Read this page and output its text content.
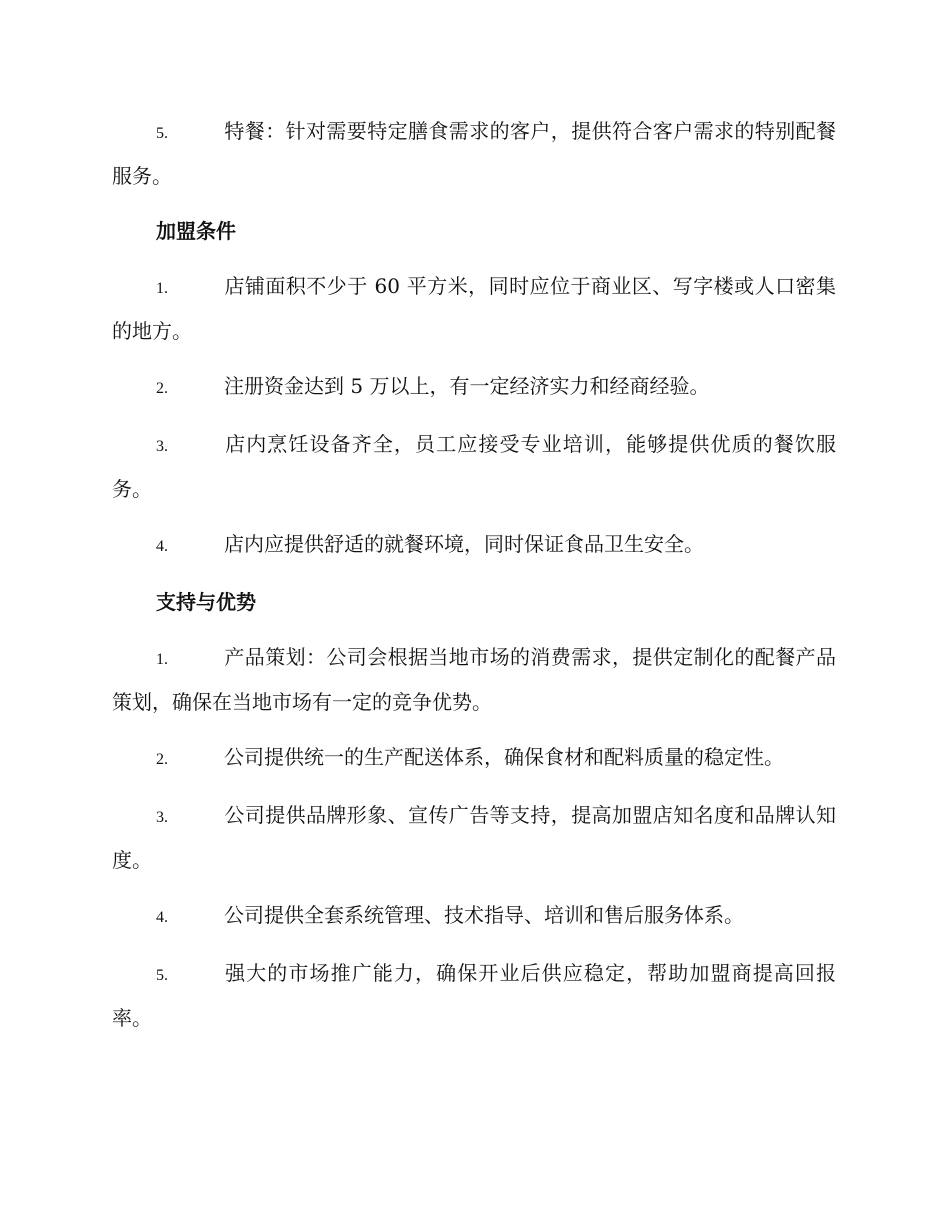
5.	特餐：针对需要特定膳食需求的客户，提供符合客户需求的特别配餐服务。

加盟条件

1.	店铺面积不少于 60 平方米，同时应位于商业区、写字楼或人口密集的地方。

2.	注册资金达到 5 万以上，有一定经济实力和经商经验。

3.	店内烹饪设备齐全，员工应接受专业培训，能够提供优质的餐饮服务。

4.	店内应提供舒适的就餐环境，同时保证食品卫生安全。

支持与优势

1.	产品策划：公司会根据当地市场的消费需求，提供定制化的配餐产品策划，确保在当地市场有一定的竞争优势。

2.	公司提供统一的生产配送体系，确保食材和配料质量的稳定性。

3.	公司提供品牌形象、宣传广告等支持，提高加盟店知名度和品牌认知度。

4.	公司提供全套系统管理、技术指导、培训和售后服务体系。

5.	强大的市场推广能力，确保开业后供应稳定，帮助加盟商提高回报率。
